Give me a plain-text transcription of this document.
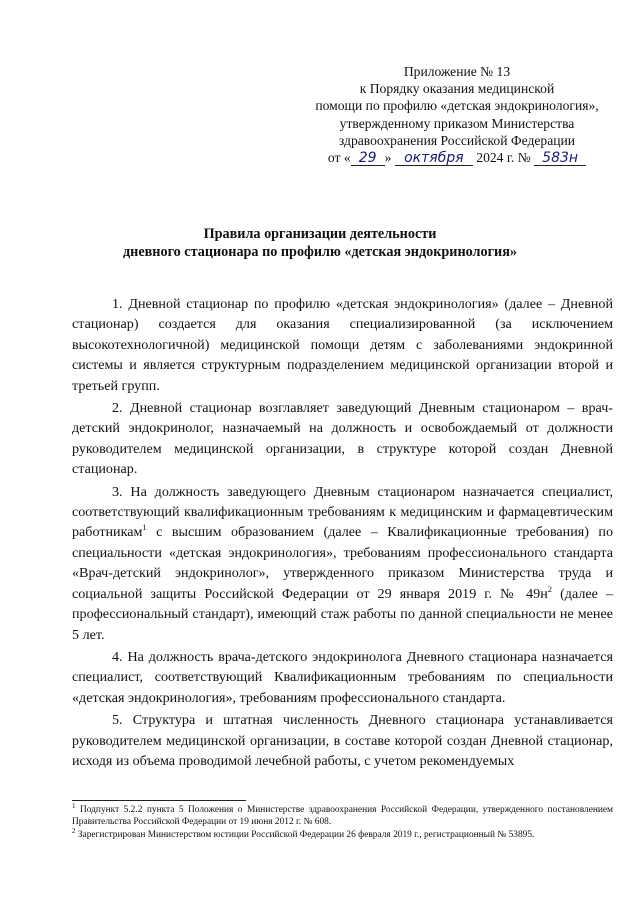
Приложение № 13
к Порядку оказания медицинской
помощи по профилю «детская эндокринология»,
утвержденному приказом Министерства
здравоохранения Российской Федерации
от « 29 » октября 2024 г. № 583н
Правила организации деятельности
дневного стационара по профилю «детская эндокринология»

1. Дневной стационар по профилю «детская эндокринология» (далее – Дневной стационар) создается для оказания специализированной (за исключением высокотехнологичной) медицинской помощи детям с заболеваниями эндокринной системы и является структурным подразделением медицинской организации второй и третьей групп.

2. Дневной стационар возглавляет заведующий Дневным стационаром – врач-детский эндокринолог, назначаемый на должность и освобождаемый от должности руководителем медицинской организации, в структуре которой создан Дневной стационар.

3. На должность заведующего Дневным стационаром назначается специалист, соответствующий квалификационным требованиям к медицинским и фармацевтическим работникам$^1$ с высшим образованием (далее – Квалификационные требования) по специальности «детская эндокринология», требованиям профессионального стандарта «Врач-детский эндокринолог», утвержденного приказом Министерства труда и социальной защиты Российской Федерации от 29 января 2019 г. № $49н^2$ (далее – профессиональный стандарт), имеющий стаж работы по данной специальности не менее 5 лет.

4. На должность врача-детского эндокринолога Дневного стационара назначается специалист, соответствующий Квалификационным требованиям по специальности «детская эндокринология», требованиям профессионального стандарта.

5. Структура и штатная численность Дневного стационара устанавливается руководителем медицинской организации, в составе которой создан Дневной стационар, исходя из объема проводимой лечебной работы, с учетом рекомендуемых

$^1$ Подпункт 5.2.2 пункта 5 Положения о Министерстве здравоохранения Российской Федерации, утвержденного постановлением Правительства Российской Федерации от 19 июня 2012 г. № 608.
$^2$ Зарегистрирован Министерством юстиции Российской Федерации 26 февраля 2019 г., регистрационный № 53895.
